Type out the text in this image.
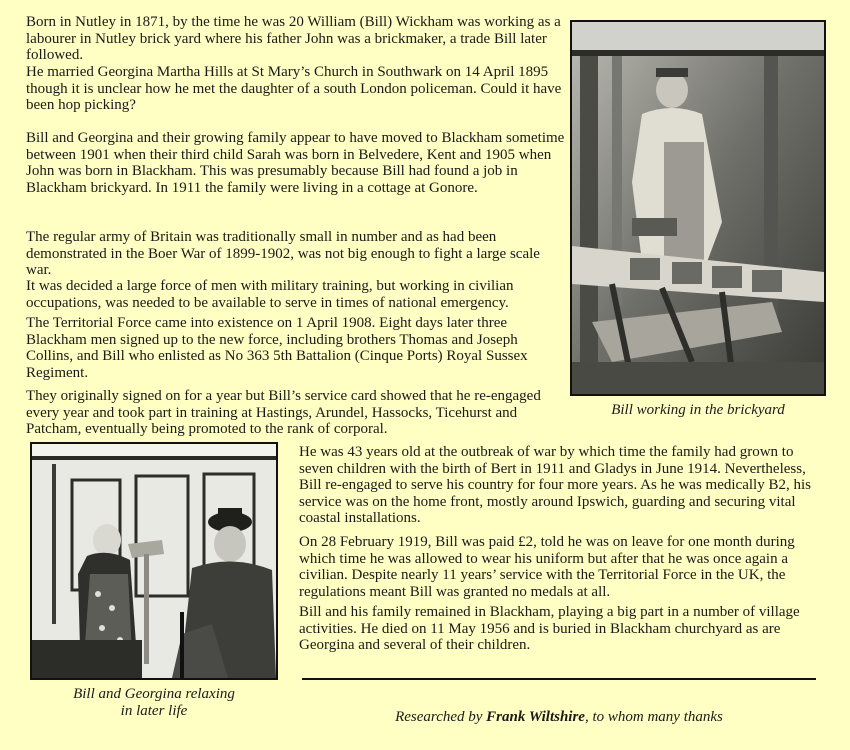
Born in Nutley in 1871, by the time he was 20 William (Bill) Wickham was working as a labourer in Nutley brick yard where his father John was a brickmaker, a trade Bill later followed.

He married Georgina Martha Hills at St Mary’s Church in Southwark on 14 April 1895 though it is unclear how he met the daughter of a south London policeman. Could it have been hop picking?

Bill and Georgina and their growing family appear to have moved to Blackham sometime between 1901 when their third child Sarah was born in Belvedere, Kent and 1905 when John was born in Blackham. This was presumably because Bill had found a job in Blackham brickyard. In 1911 the family were living in a cottage at Gonore.

The regular army of Britain was traditionally small in number and as had been demonstrated in the Boer War of 1899-1902, was not big enough to fight a large scale war.

It was decided a large force of men with military training, but working in civilian occupations, was needed to be available to serve in times of national emergency.

The Territorial Force came into existence on 1 April 1908. Eight days later three Blackham men signed up to the new force, including brothers Thomas and Joseph Collins, and Bill who enlisted as No 363 5th Battalion (Cinque Ports) Royal Sussex Regiment.

They originally signed on for a year but Bill’s service card showed that he re-engaged every year and took part in training at Hastings, Arundel, Hassocks, Ticehurst and Patcham, eventually being promoted to the rank of corporal.

Bill working in the brickyard
Bill and Georgina relaxing
in later life

He was 43 years old at the outbreak of war by which time the family had grown to seven children with the birth of Bert in 1911 and Gladys in June 1914. Nevertheless, Bill re-engaged to serve his country for four more years. As he was medically B2, his service was on the home front, mostly around Ipswich, guarding and securing vital coastal installations.

On 28 February 1919, Bill was paid £2, told he was on leave for one month during which time he was allowed to wear his uniform but after that he was once again a civilian. Despite nearly 11 years’ service with the Territorial Force in the UK, the regulations meant Bill was granted no medals at all.

Bill and his family remained in Blackham, playing a big part in a number of village activities. He died on 11 May 1956 and is buried in Blackham churchyard as are Georgina and several of their children.

Researched by Frank Wiltshire, to whom many thanks
